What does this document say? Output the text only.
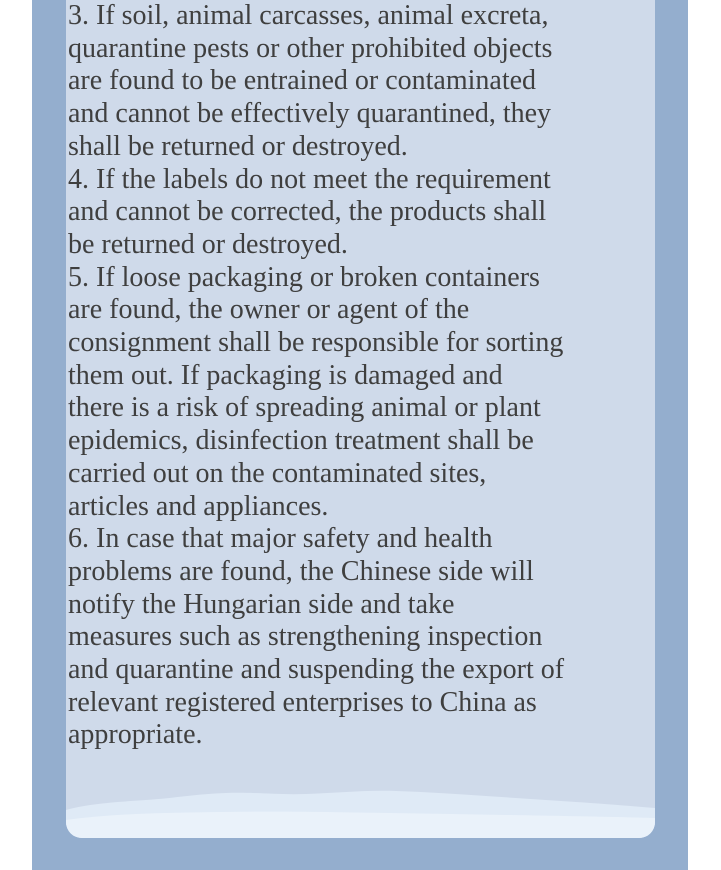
3. If soil, animal carcasses, animal excreta,
quarantine pests or other prohibited objects
are found to be entrained or contaminated
and cannot be effectively quarantined, they
shall be returned or destroyed.

4. If the labels do not meet the requirement
and cannot be corrected, the products shall
be returned or destroyed.

5. If loose packaging or broken containers
are found, the owner or agent of the
consignment shall be responsible for sorting
them out. If packaging is damaged and
there is a risk of spreading animal or plant
epidemics, disinfection treatment shall be
carried out on the contaminated sites,
articles and appliances.

6. In case that major safety and health
problems are found, the Chinese side will
notify the Hungarian side and take
measures such as strengthening inspection
and quarantine and suspending the export of
relevant registered enterprises to China as
appropriate.
